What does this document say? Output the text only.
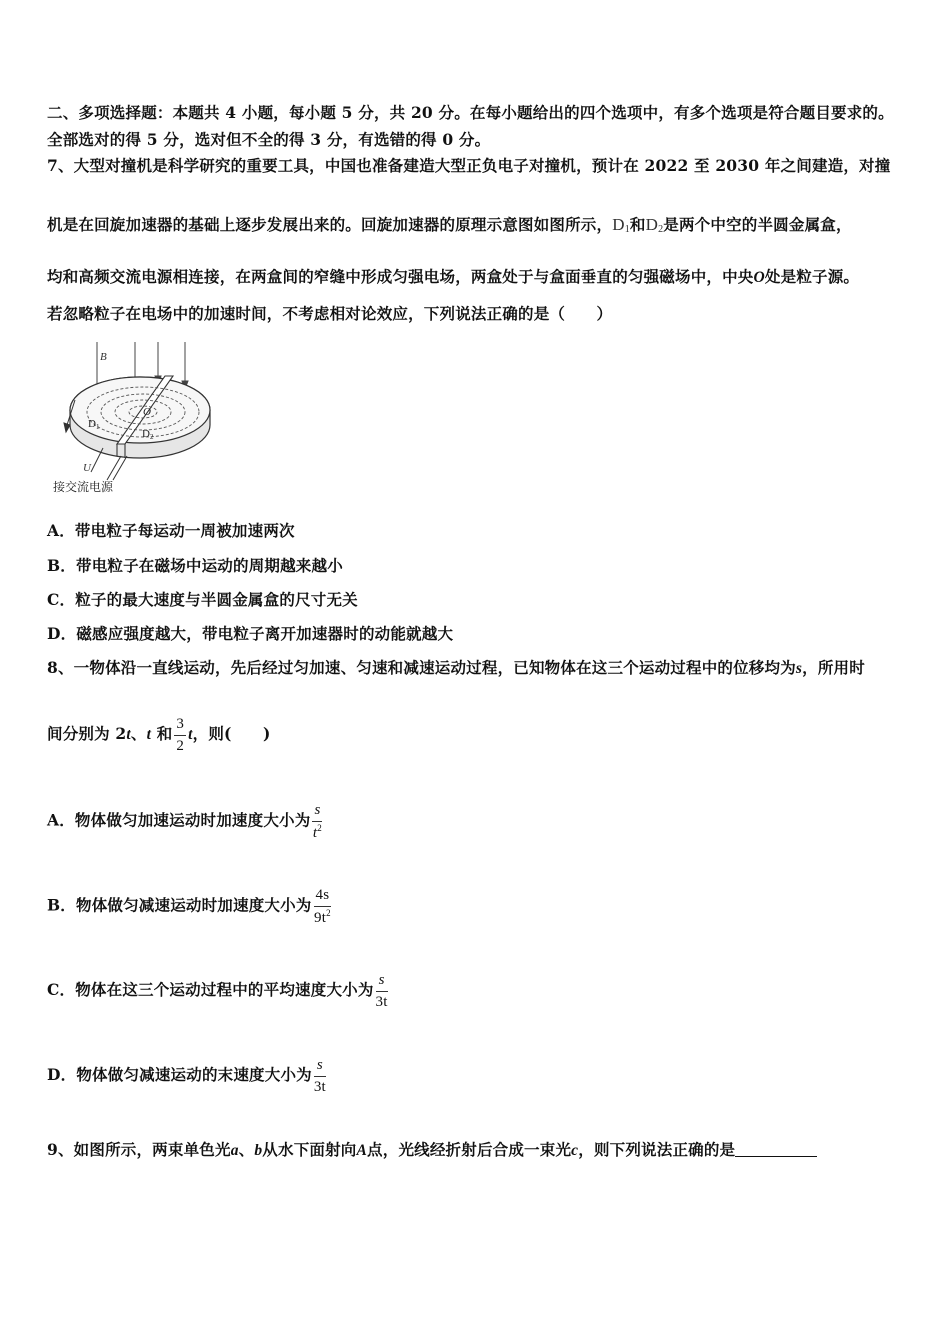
二、多项选择题：本题共 4 小题，每小题 5 分，共 20 分。在每小题给出的四个选项中，有多个选项是符合题目要求的。
全部选对的得 5 分，选对但不全的得 3 分，有选错的得 0 分。
7、大型对撞机是科学研究的重要工具，中国也准备建造大型正负电子对撞机，预计在 2022 至 2030 年之间建造，对撞
机是在回旋加速器的基础上逐步发展出来的。回旋加速器的原理示意图如图所示，$D_1$和$D_2$是两个中空的半圆金属盒，
均和高频交流电源相连接，在两盒间的窄缝中形成匀强电场，两盒处于与盒面垂直的匀强磁场中，中央O处是粒子源。
若忽略粒子在电场中的加速时间，不考虑相对论效应，下列说法正确的是（　　）
B
D1
O
D2
U
接交流电源
A．带电粒子每运动一周被加速两次
B．带电粒子在磁场中运动的周期越来越小
C．粒子的最大速度与半圆金属盒的尺寸无关
D．磁感应强度越大，带电粒子离开加速器时的动能就越大
8、一物体沿一直线运动，先后经过匀加速、匀速和减速运动过程，已知物体在这三个运动过程中的位移均为s，所用时
间分别为 2t、t 和 $\frac{3}{2}$ t，则(　　)
A．物体做匀加速运动时加速度大小为 $\frac{s}{t^2}$
B．物体做匀减速运动时加速度大小为 $\frac{4s}{9t^2}$
C．物体在这三个运动过程中的平均速度大小为 $\frac{s}{3t}$
D．物体做匀减速运动的末速度大小为 $\frac{s}{3t}$
9、如图所示，两束单色光a、b从水下面射向A点，光线经折射后合成一束光c，则下列说法正确的是
